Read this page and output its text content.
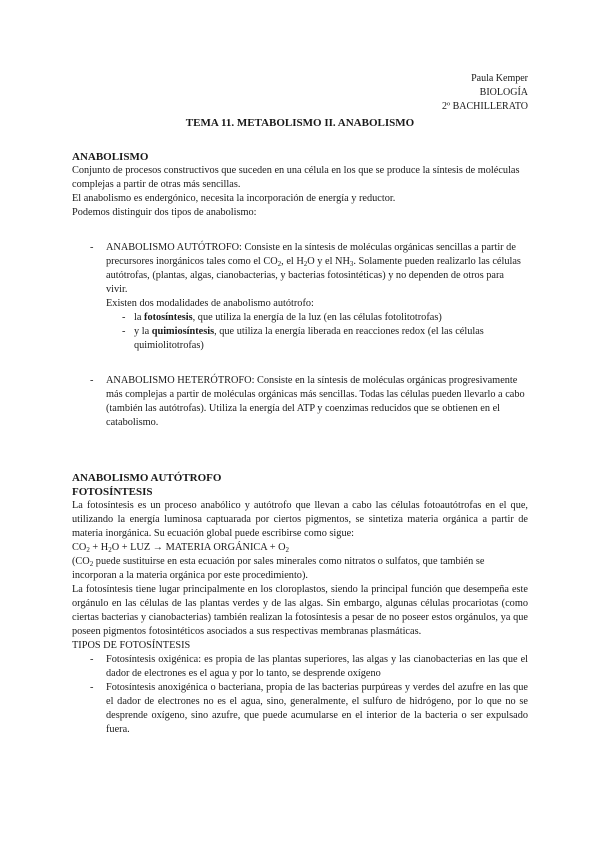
Paula Kemper
BIOLOGÍA
2º BACHILLERATO
TEMA 11. METABOLISMO II. ANABOLISMO

ANABOLISMO

Conjunto de procesos constructivos que suceden en una célula en los que se produce la síntesis de moléculas complejas a partir de otras más sencillas.

El anabolismo es endergónico, necesita la incorporación de energía y reductor.

Podemos distinguir dos tipos de anabolismo:

- ANABOLISMO AUTÓTROFO: Consiste en la síntesis de moléculas orgánicas sencillas a partir de precursores inorgánicos tales como el $CO_2$, el $H_2O$ y el $NH_3$. Solamente pueden realizarlo las células autótrofas, (plantas, algas, cianobacterias, y bacterias fotosintéticas) y no dependen de otros para vivir.

Existen dos modalidades de anabolismo autótrofo:

- la fotosíntesis, que utiliza la energía de la luz (en las células fotolitotrofas)

- y la quimiosíntesis, que utiliza la energía liberada en reacciones redox (el las células quimiolitotrofas)

- ANABOLISMO HETERÓTROFO: Consiste en la síntesis de moléculas orgánicas progresivamente más complejas a partir de moléculas orgánicas más sencillas. Todas las células pueden llevarlo a cabo (también las autótrofas). Utiliza la energía del ATP y coenzimas reducidos que se obtienen en el catabolismo.

ANABOLISMO AUTÓTROFO

FOTOSÍNTESIS

La fotosíntesis es un proceso anabólico y autótrofo que llevan a cabo las células fotoautótrofas en el que, utilizando la energía luminosa captuarada por ciertos pigmentos, se sintetiza materia orgánica a partir de materia inorgánica. Su ecuación global puede escribirse como sigue:

$CO_2 + H_2O$ + LUZ → MATERIA ORGÁNICA + $O_2$

($CO_2$ puede sustituirse en esta ecuación por sales minerales como nitratos o sulfatos, que también se incorporan a la materia orgánica por este procedimiento).

La fotosíntesis tiene lugar principalmente en los cloroplastos, siendo la principal función que desempeña este orgánulo en las células de las plantas verdes y de las algas. Sin embargo, algunas células procariotas (como ciertas bacterias y cianobacterias) también realizan la fotosíntesis a pesar de no poseer estos orgánulos, ya que poseen pigmentos fotosintéticos asociados a sus respectivas membranas plasmáticas.

TIPOS DE FOTOSÍNTESIS

- Fotosíntesis oxigénica: es propia de las plantas superiores, las algas y las cianobacterias en las que el dador de electrones es el agua y por lo tanto, se desprende oxígeno

- Fotosíntesis anoxigénica o bacteriana, propia de las bacterias purpúreas y verdes del azufre en las que el dador de electrones no es el agua, sino, generalmente, el sulfuro de hidrógeno, por lo que no se desprende oxígeno, sino azufre, que puede acumularse en el interior de la bacteria o ser expulsado fuera.
